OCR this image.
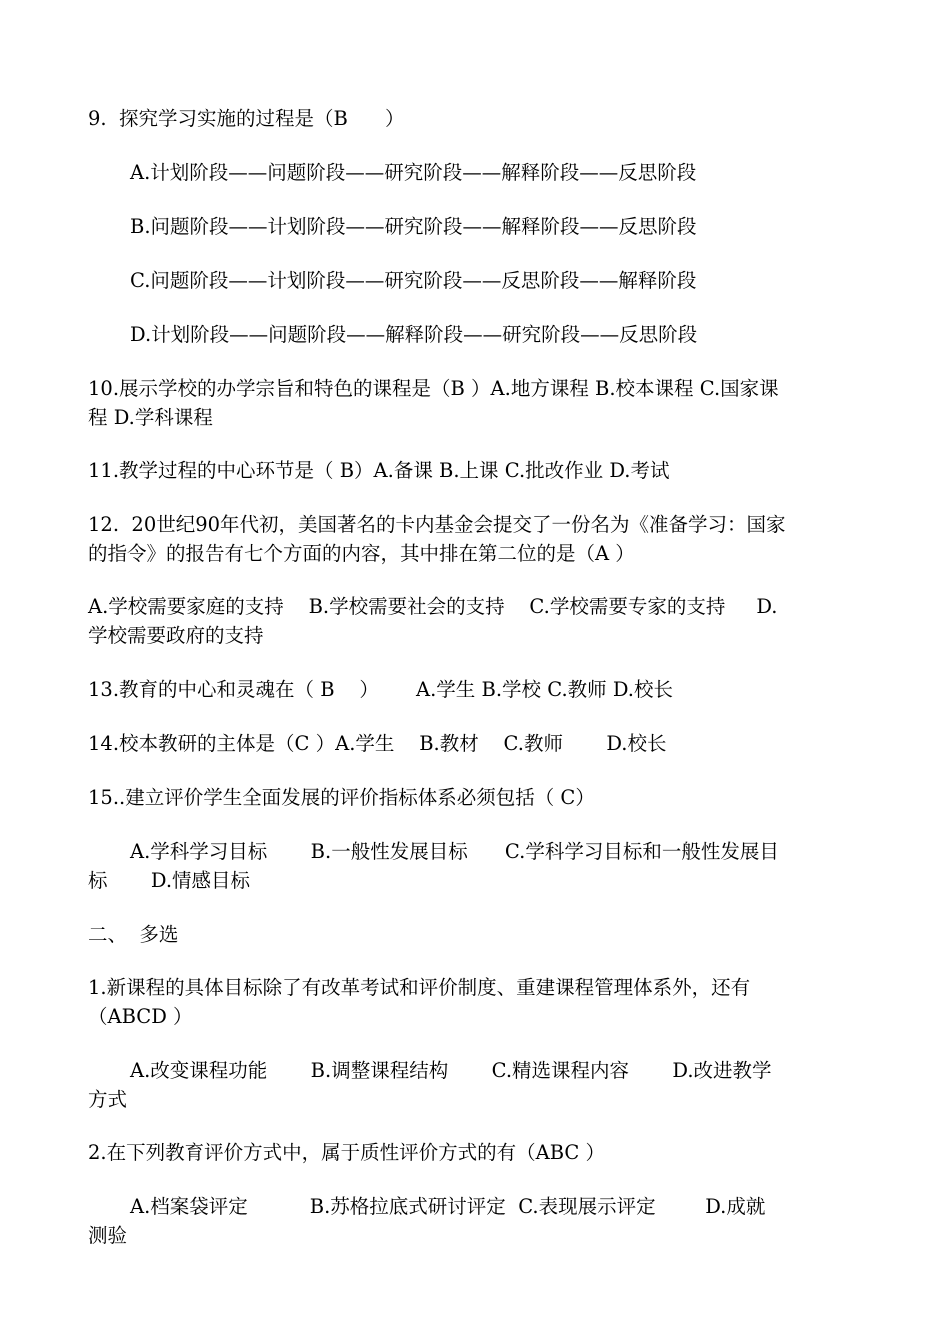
9.  探究学习实施的过程是（B      ）

A.计划阶段——问题阶段——研究阶段——解释阶段——反思阶段

B.问题阶段——计划阶段——研究阶段——解释阶段——反思阶段

C.问题阶段——计划阶段——研究阶段——反思阶段——解释阶段

D.计划阶段——问题阶段——解释阶段——研究阶段——反思阶段

10.展示学校的办学宗旨和特色的课程是（B ）A.地方课程 B.校本课程 C.国家课

程 D.学科课程

11.教学过程的中心环节是（ B）A.备课 B.上课 C.批改作业 D.考试

12.  20世纪90年代初，美国著名的卡内基金会提交了一份名为《准备学习：国家

的指令》的报告有七个方面的内容，其中排在第二位的是（A ）

A.学校需要家庭的支持    B.学校需要社会的支持    C.学校需要专家的支持     D.

学校需要政府的支持

13.教育的中心和灵魂在（ B    ）      A.学生 B.学校 C.教师 D.校长

14.校本教研的主体是（C ）A.学生    B.教材    C.教师       D.校长

15..建立评价学生全面发展的评价指标体系必须包括（ C）

A.学科学习目标       B.一般性发展目标      C.学科学习目标和一般性发展目

标       D.情感目标

二、  多选

1.新课程的具体目标除了有改革考试和评价制度、重建课程管理体系外，还有

（ABCD ）

A.改变课程功能       B.调整课程结构       C.精选课程内容       D.改进教学

方式

2.在下列教育评价方式中，属于质性评价方式的有（ABC ）

A.档案袋评定          B.苏格拉底式研讨评定  C.表现展示评定        D.成就

测验
